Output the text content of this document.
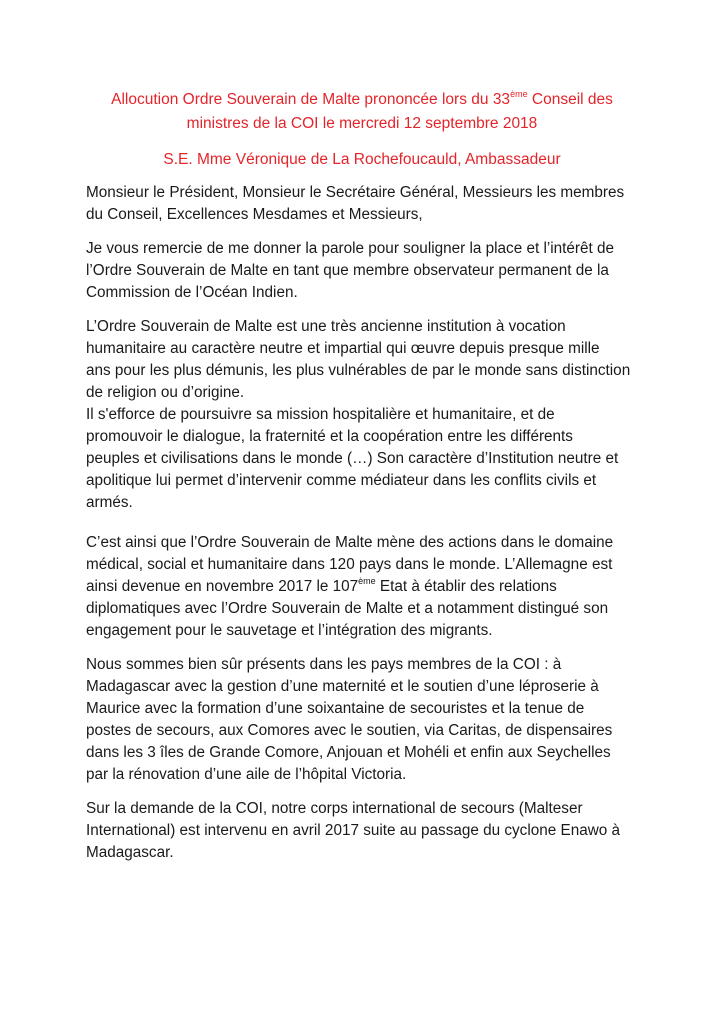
Allocution Ordre Souverain de Malte prononcée lors du 33ème Conseil des
ministres de la COI le mercredi 12 septembre 2018
S.E. Mme Véronique de La Rochefoucauld, Ambassadeur

Monsieur le Président, Monsieur le Secrétaire Général, Messieurs les membres
du Conseil, Excellences Mesdames et Messieurs,

Je vous remercie de me donner la parole pour souligner la place et l’intérêt de
l’Ordre Souverain de Malte en tant que membre observateur permanent de la
Commission de l’Océan Indien.

L’Ordre Souverain de Malte est une très ancienne institution à vocation
humanitaire au caractère neutre et impartial qui œuvre depuis presque mille
ans pour les plus démunis, les plus vulnérables de par le monde sans distinction
de religion ou d’origine.

Il s'efforce de poursuivre sa mission hospitalière et humanitaire, et de
promouvoir le dialogue, la fraternité et la coopération entre les différents
peuples et civilisations dans le monde (…) Son caractère d’Institution neutre et
apolitique lui permet d’intervenir comme médiateur dans les conflits civils et
armés.

C’est ainsi que l’Ordre Souverain de Malte mène des actions dans le domaine
médical, social et humanitaire dans 120 pays dans le monde. L’Allemagne est
ainsi devenue en novembre 2017 le 107ème Etat à établir des relations
diplomatiques avec l’Ordre Souverain de Malte et a notamment distingué son
engagement pour le sauvetage et l’intégration des migrants.

Nous sommes bien sûr présents dans les pays membres de la COI : à
Madagascar avec la gestion d’une maternité et le soutien d’une léproserie à
Maurice avec la formation d’une soixantaine de secouristes et la tenue de
postes de secours, aux Comores avec le soutien, via Caritas, de dispensaires
dans les 3 îles de Grande Comore, Anjouan et Mohéli et enfin aux Seychelles
par la rénovation d’une aile de l’hôpital Victoria.

Sur la demande de la COI, notre corps international de secours (Malteser
International) est intervenu en avril 2017 suite au passage du cyclone Enawo à
Madagascar.
